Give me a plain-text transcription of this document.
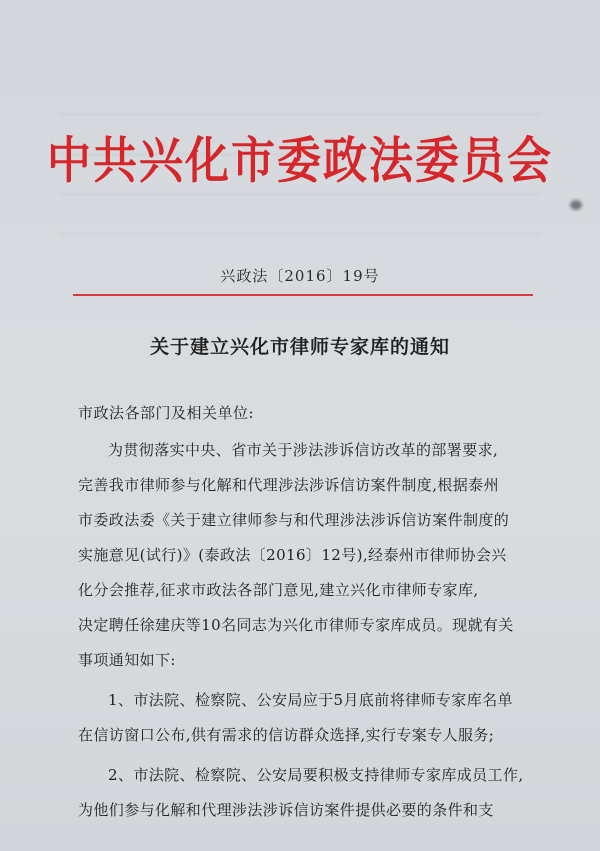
中共兴化市委政法委员会
兴政法〔2016〕19号
关于建立兴化市律师专家库的通知
市政法各部门及相关单位:
为贯彻落实中央、省市关于涉法涉诉信访改革的部署要求,
完善我市律师参与化解和代理涉法涉诉信访案件制度,根据泰州
市委政法委《关于建立律师参与和代理涉法涉诉信访案件制度的
实施意见(试行)》(泰政法〔2016〕12号),经泰州市律师协会兴
化分会推荐,征求市政法各部门意见,建立兴化市律师专家库,
决定聘任徐建庆等10名同志为兴化市律师专家库成员。现就有关
事项通知如下:
1、市法院、检察院、公安局应于5月底前将律师专家库名单
在信访窗口公布,供有需求的信访群众选择,实行专案专人服务;
2、市法院、检察院、公安局要积极支持律师专家库成员工作,
为他们参与化解和代理涉法涉诉信访案件提供必要的条件和支
